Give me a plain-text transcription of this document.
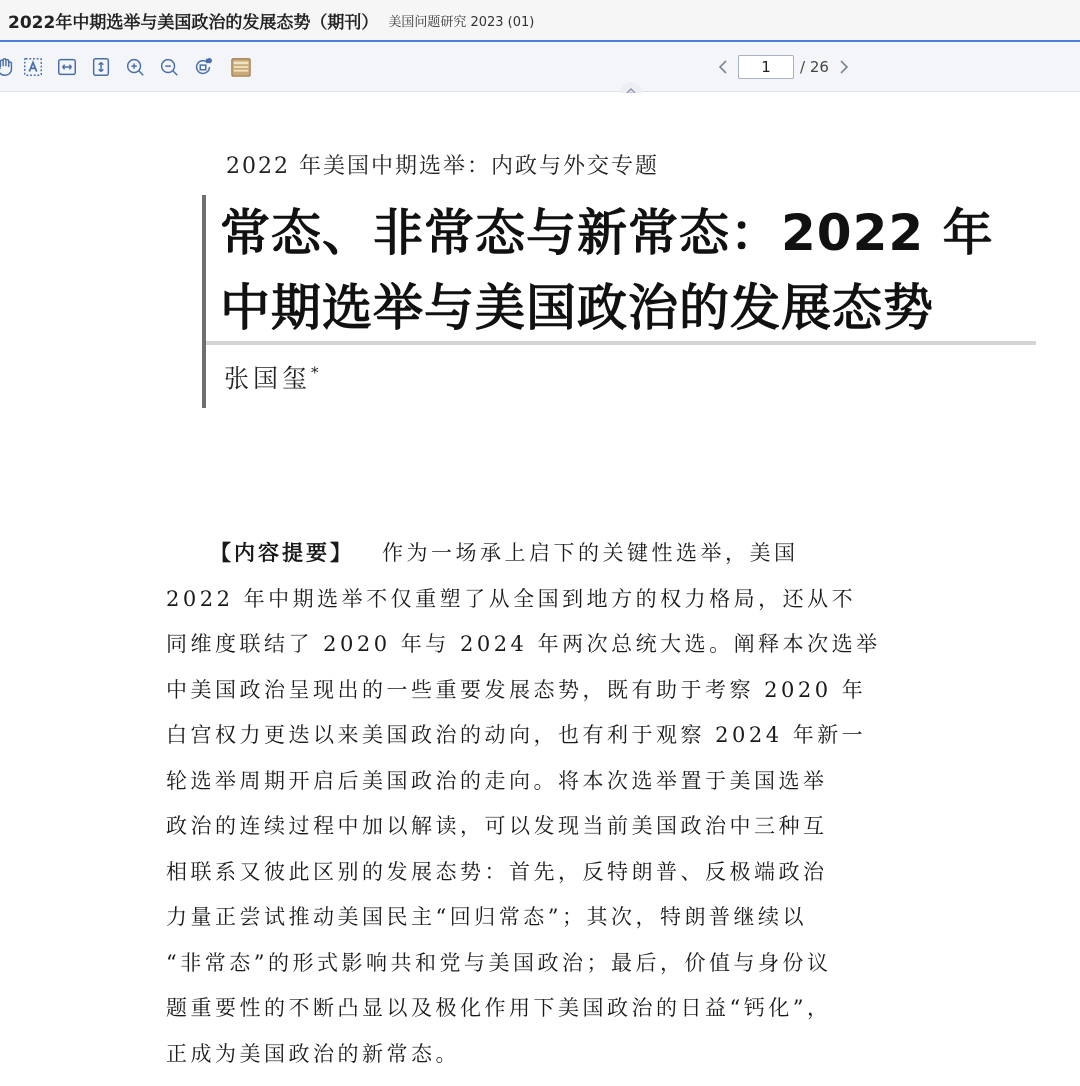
2022年中期选举与美国政治的发展态势（期刊） 美国问题研究 2023 (01)
1
/ 26
2022 年美国中期选举：内政与外交专题
常态、非常态与新常态：2022 年
中期选举与美国政治的发展态势
张国玺*
【内容提要】 作为一场承上启下的关键性选举，美国
2022 年中期选举不仅重塑了从全国到地方的权力格局，还从不
同维度联结了 2020 年与 2024 年两次总统大选。阐释本次选举
中美国政治呈现出的一些重要发展态势，既有助于考察 2020 年
白宫权力更迭以来美国政治的动向，也有利于观察 2024 年新一
轮选举周期开启后美国政治的走向。将本次选举置于美国选举
政治的连续过程中加以解读，可以发现当前美国政治中三种互
相联系又彼此区别的发展态势：首先，反特朗普、反极端政治
力量正尝试推动美国民主“回归常态”；其次，特朗普继续以
“非常态”的形式影响共和党与美国政治；最后，价值与身份议
题重要性的不断凸显以及极化作用下美国政治的日益“钙化”，
正成为美国政治的新常态。
